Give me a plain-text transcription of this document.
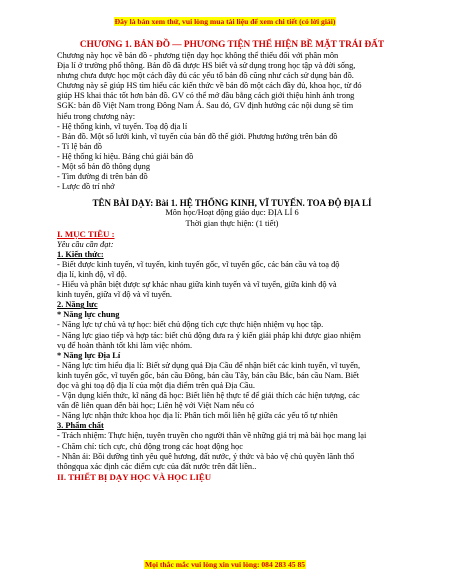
Đây là bản xem thử, vui lòng mua tài liệu để xem chi tiết (có lời giải)
CHƯƠNG 1. BẢN ĐỒ — PHƯƠNG TIỆN THỂ HIỆN BỀ MẶT TRÁI ĐẤT
Chương này học về bản đồ - phương tiện dạy học không thể thiếu đối với phân môn
Địa lí ở trường phổ thông. Bản đồ đã được HS biết và sử dụng trong học tập và đời sống,
nhưng chưa được học một cách đầy đủ các yếu tố bản đồ cũng như cách sử dụng bản đồ.
Chương này sẽ giúp HS tìm hiểu các kiến thức về bản đồ một cách đầy đủ, khoa học, từ đó
giúp HS khai thác tốt hơn bản đồ. GV có thể mở đầu bằng cách giới thiệu hình ảnh trong
SGK: bản đồ Việt Nam trong Đông Nam Á. Sau đó, GV định hướng các nội dung sẽ tìm
hiểu trong chương này:
- Hệ thống kinh, vĩ tuyến. Toạ độ địa lí
- Bản đồ. Một số lưới kinh, vĩ tuyến của bản đồ thế giới. Phương hướng trên bản đồ
- Tỉ lệ bản đồ
- Hệ thống kí hiệu. Bảng chú giải bản đồ
- Một số bản đồ thông dụng
- Tìm đường đi trên bản đồ
- Lược đồ trí nhớ
TÊN BÀI DẠY: Bài 1. HỆ THỐNG KINH, VĨ TUYẾN. TOA ĐỘ ĐỊA LÍ
Môn học/Hoạt động giáo dục: ĐỊA LÍ 6
Thời gian thực hiện: (1 tiết)
I. MỤC TIÊU :
Yêu cầu cần đạt:
1. Kiến thức:
- Biết được kinh tuyến, vĩ tuyến, kinh tuyến gốc, vĩ tuyến gốc, các bán cầu và toạ độ
địa lí, kinh độ, vĩ độ.
- Hiểu và phân biệt được sự khác nhau giữa kinh tuyến và vĩ tuyến, giữa kinh độ và
kinh tuyến, giữa vĩ độ và vĩ tuyến.
2. Năng lực
* Năng lực chung
- Năng lực tự chủ và tự học: biết chủ động tích cực thực hiện nhiệm vụ học tập.
- Năng lực giao tiếp và hợp tác: biết chủ động đưa ra ý kiến giải pháp khi được giao nhiệm
vụ để hoàn thành tốt khi làm việc nhóm.
* Năng lực Địa Lí
- Năng lực tìm hiểu địa lí: Biết sử dụng quả Địa Cầu để nhận biết các kinh tuyến, vĩ tuyến,
kinh tuyến gốc, vĩ tuyến gốc, bán cầu Đông, bán cầu Tây, bán cầu Bắc, bán cầu Nam. Biết
đọc và ghi toạ độ địa lí của một địa điểm trên quả Địa Cầu.
- Vận dụng kiến thức, kĩ năng đã học: Biết liên hệ thực tế để giải thích các hiện tượng, các
vấn đề liên quan đến bài học; Liên hệ với Việt Nam nếu có
- Năng lực nhận thức khoa học địa lí: Phân tích mối liên hệ giữa các yếu tố tự nhiên
3. Phẩm chất
- Trách nhiệm: Thực hiện, tuyên truyền cho người thân về những giá trị mà bài học mang lại
- Chăm chỉ: tích cực, chủ động trong các hoạt động học
- Nhân ái: Bồi dưỡng tình yêu quê hương, đất nước, ý thức và bảo vệ chủ quyền lãnh thổ
thôngqua xác định các điểm cực của đất nước trên đất liền..
II. THIẾT BỊ DẠY HỌC VÀ HỌC LIỆU
Mọi thắc mắc vui lòng xin vui lòng: 084 283 45 85
